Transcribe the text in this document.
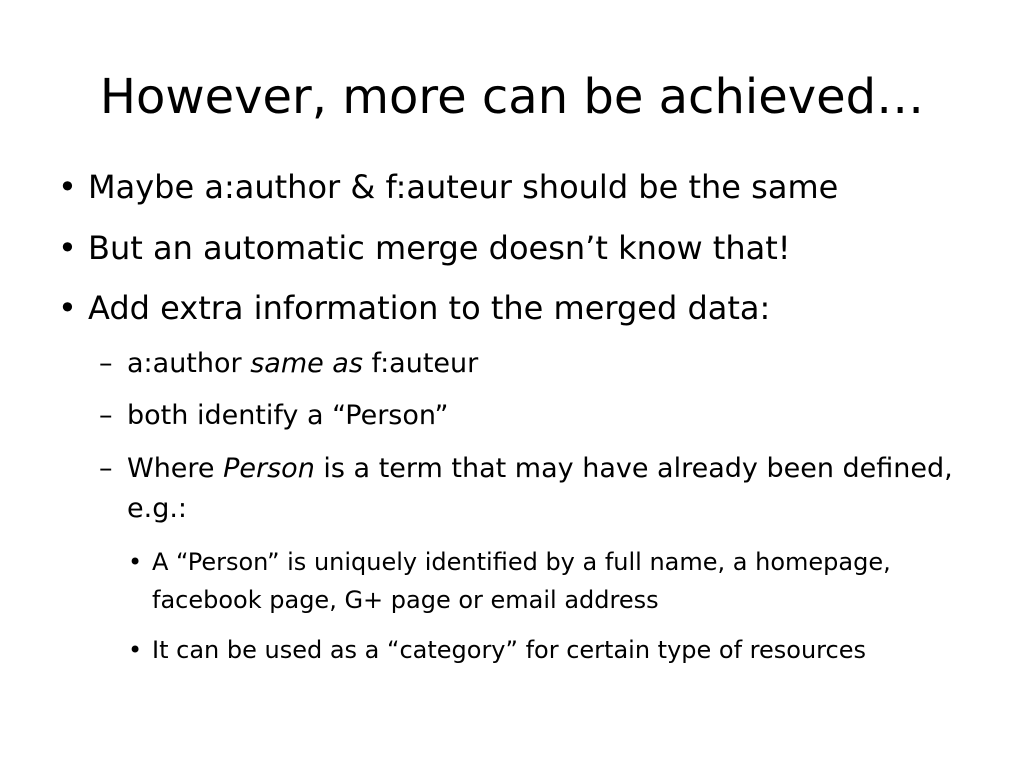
However, more can be achieved…
• Maybe a:author & f:auteur should be the same
• But an automatic merge doesn’t know that!
• Add extra information to the merged data:
– a:author same as f:auteur
– both identify a “Person”
– Where Person is a term that may have already been defined, e.g.:
• A “Person” is uniquely identified by a full name, a homepage, facebook page, G+ page or email address
• It can be used as a “category” for certain type of resources
